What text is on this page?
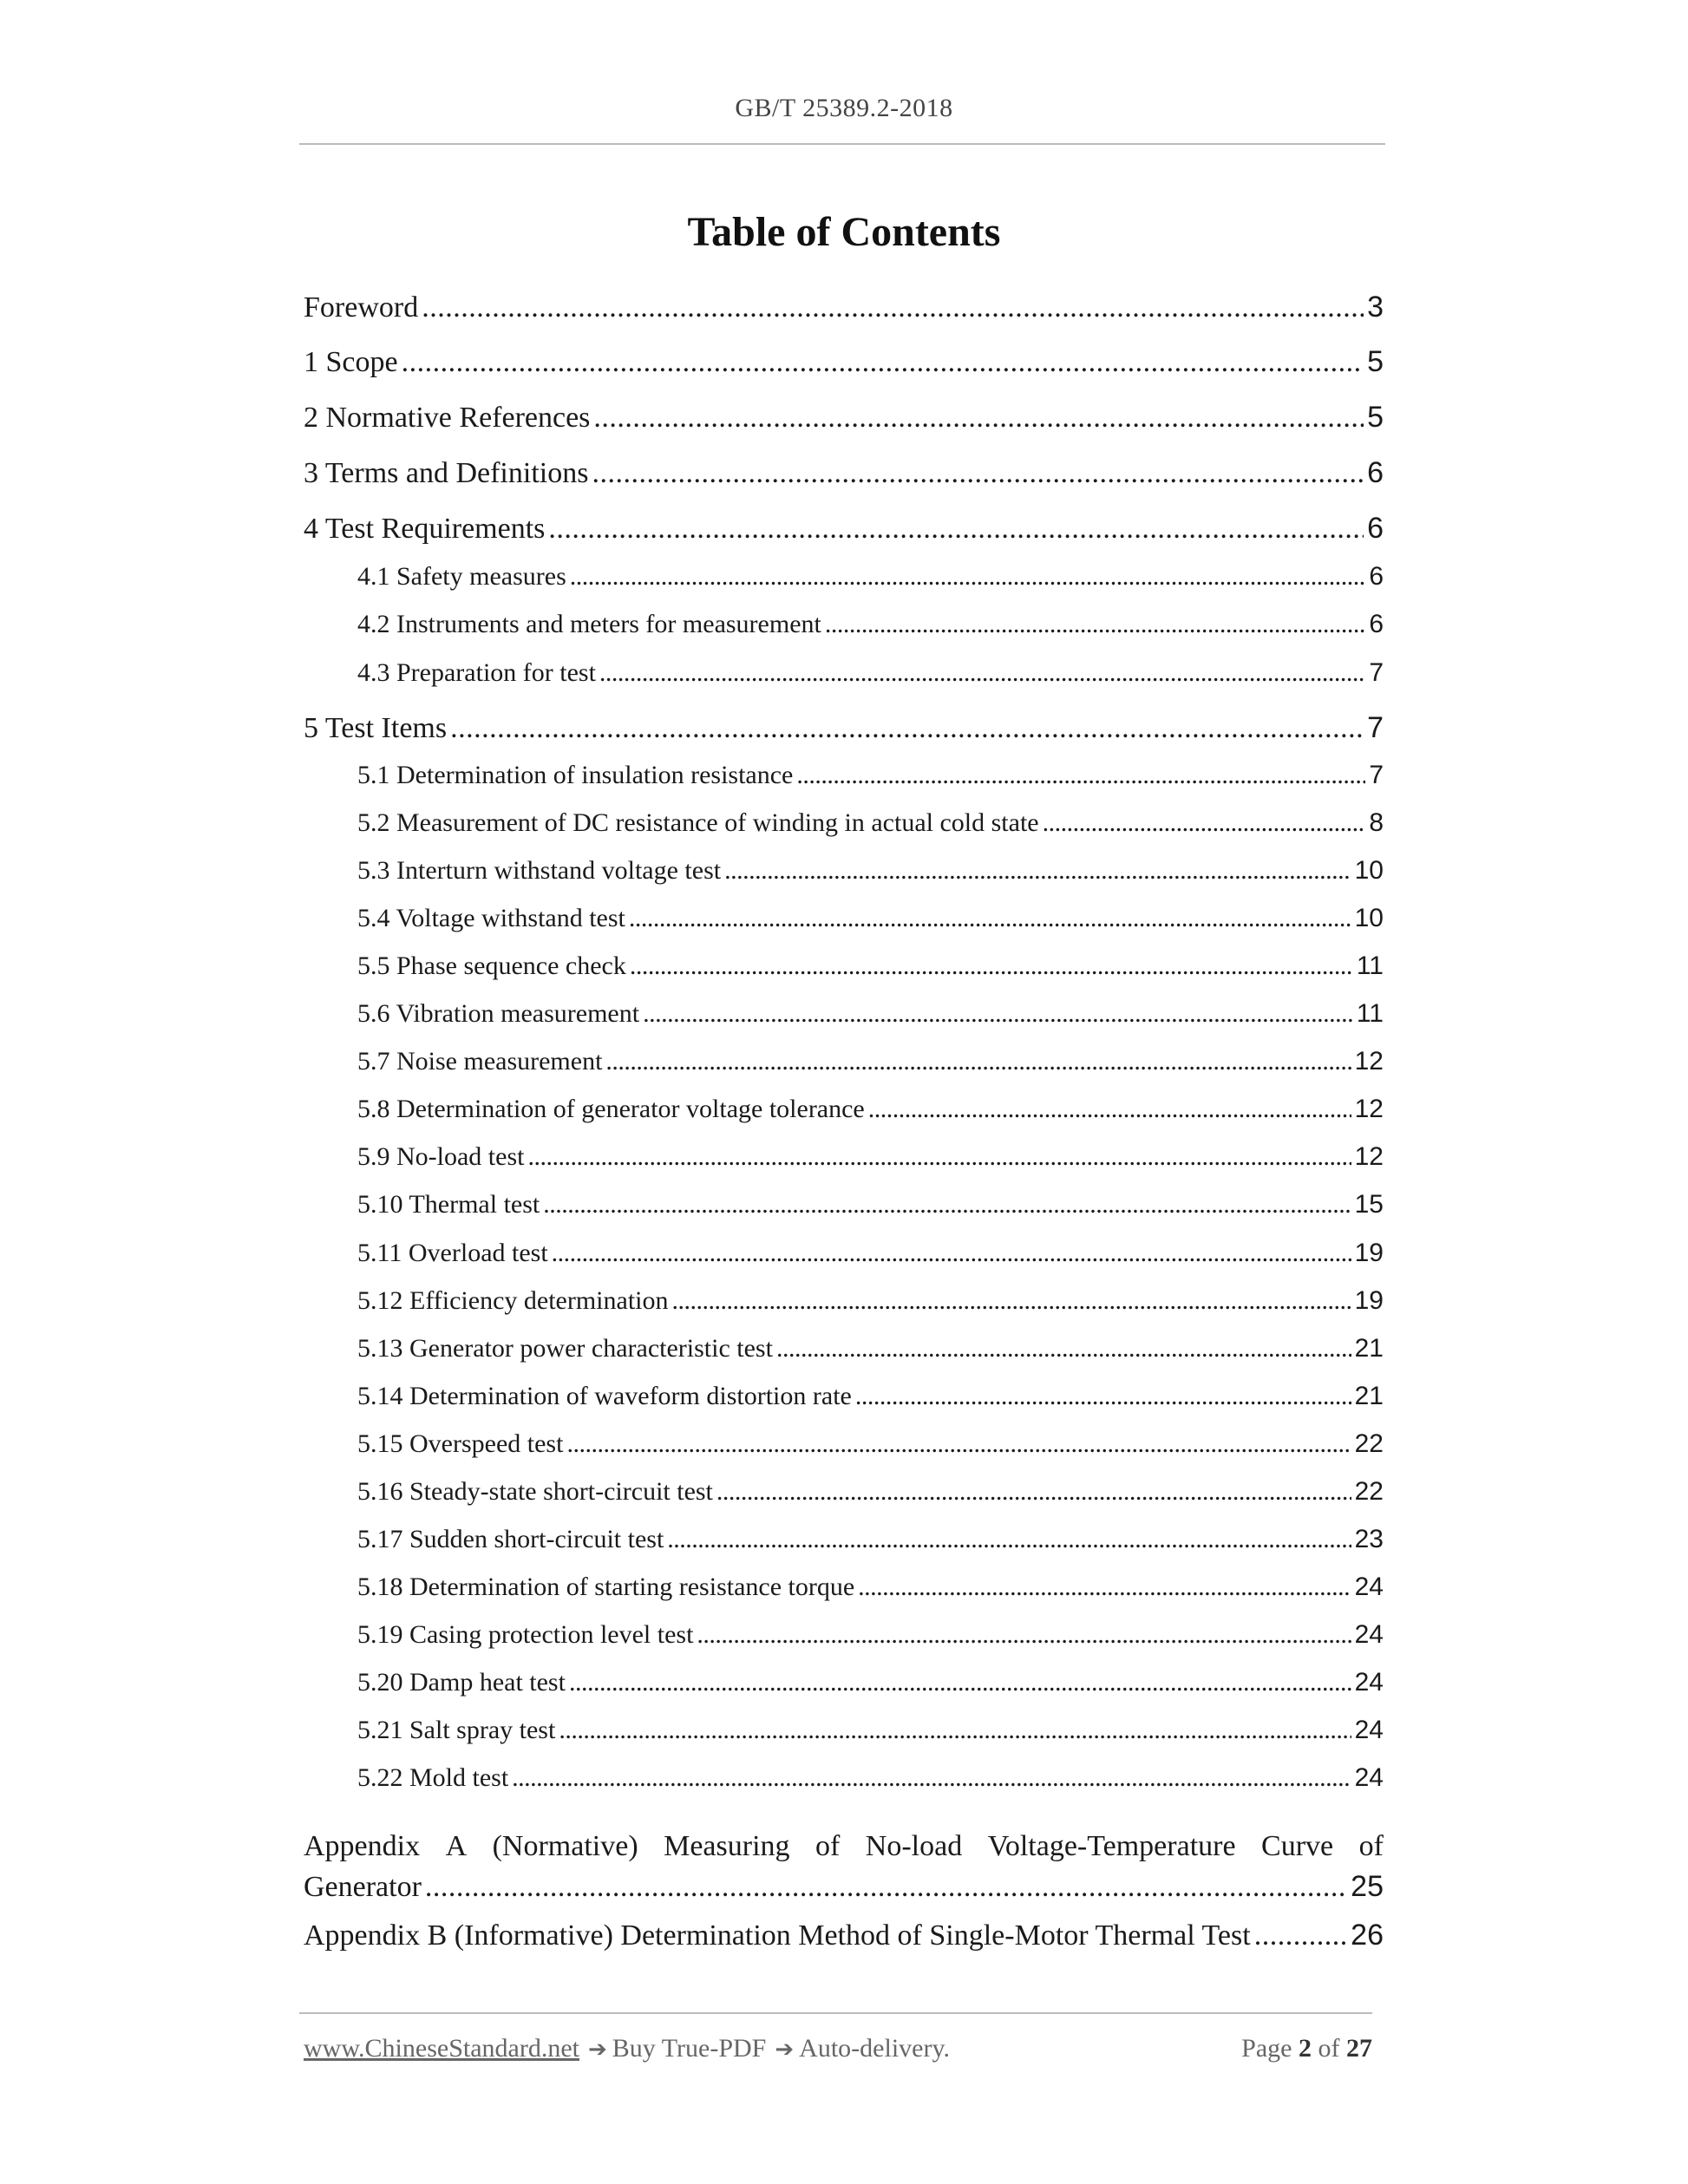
GB/T 25389.2-2018
Table of Contents
Foreword . . .	3
1 Scope . . .	5
2 Normative References . . .	5
3 Terms and Definitions . . .	6
4 Test Requirements . . .	6
4.1 Safety measures . . .	6
4.2 Instruments and meters for measurement . . .	6
4.3 Preparation for test . . .	7
5 Test Items . . .	7
5.1 Determination of insulation resistance . . .	7
5.2 Measurement of DC resistance of winding in actual cold state . . .	8
5.3 Interturn withstand voltage test . . .	10
5.4 Voltage withstand test . . .	10
5.5 Phase sequence check . . .	11
5.6 Vibration measurement . . .	11
5.7 Noise measurement . . .	12
5.8 Determination of generator voltage tolerance . . .	12
5.9 No-load test . . .	12
5.10 Thermal test . . .	15
5.11 Overload test . . .	19
5.12 Efficiency determination . . .	19
5.13 Generator power characteristic test . . .	21
5.14 Determination of waveform distortion rate . . .	21
5.15 Overspeed test . . .	22
5.16 Steady-state short-circuit test . . .	22
5.17 Sudden short-circuit test . . .	23
5.18 Determination of starting resistance torque . . .	24
5.19 Casing protection level test . . .	24
5.20 Damp heat test . . .	24
5.21 Salt spray test . . .	24
5.22 Mold test . . .	24
Appendix A (Normative) Measuring of No-load Voltage-Temperature Curve of
Generator . . .	25
Appendix B (Informative) Determination Method of Single-Motor Thermal Test . . .	26
www.ChineseStandard.net ➔ Buy True-PDF ➔ Auto-delivery.	Page 2 of 27
